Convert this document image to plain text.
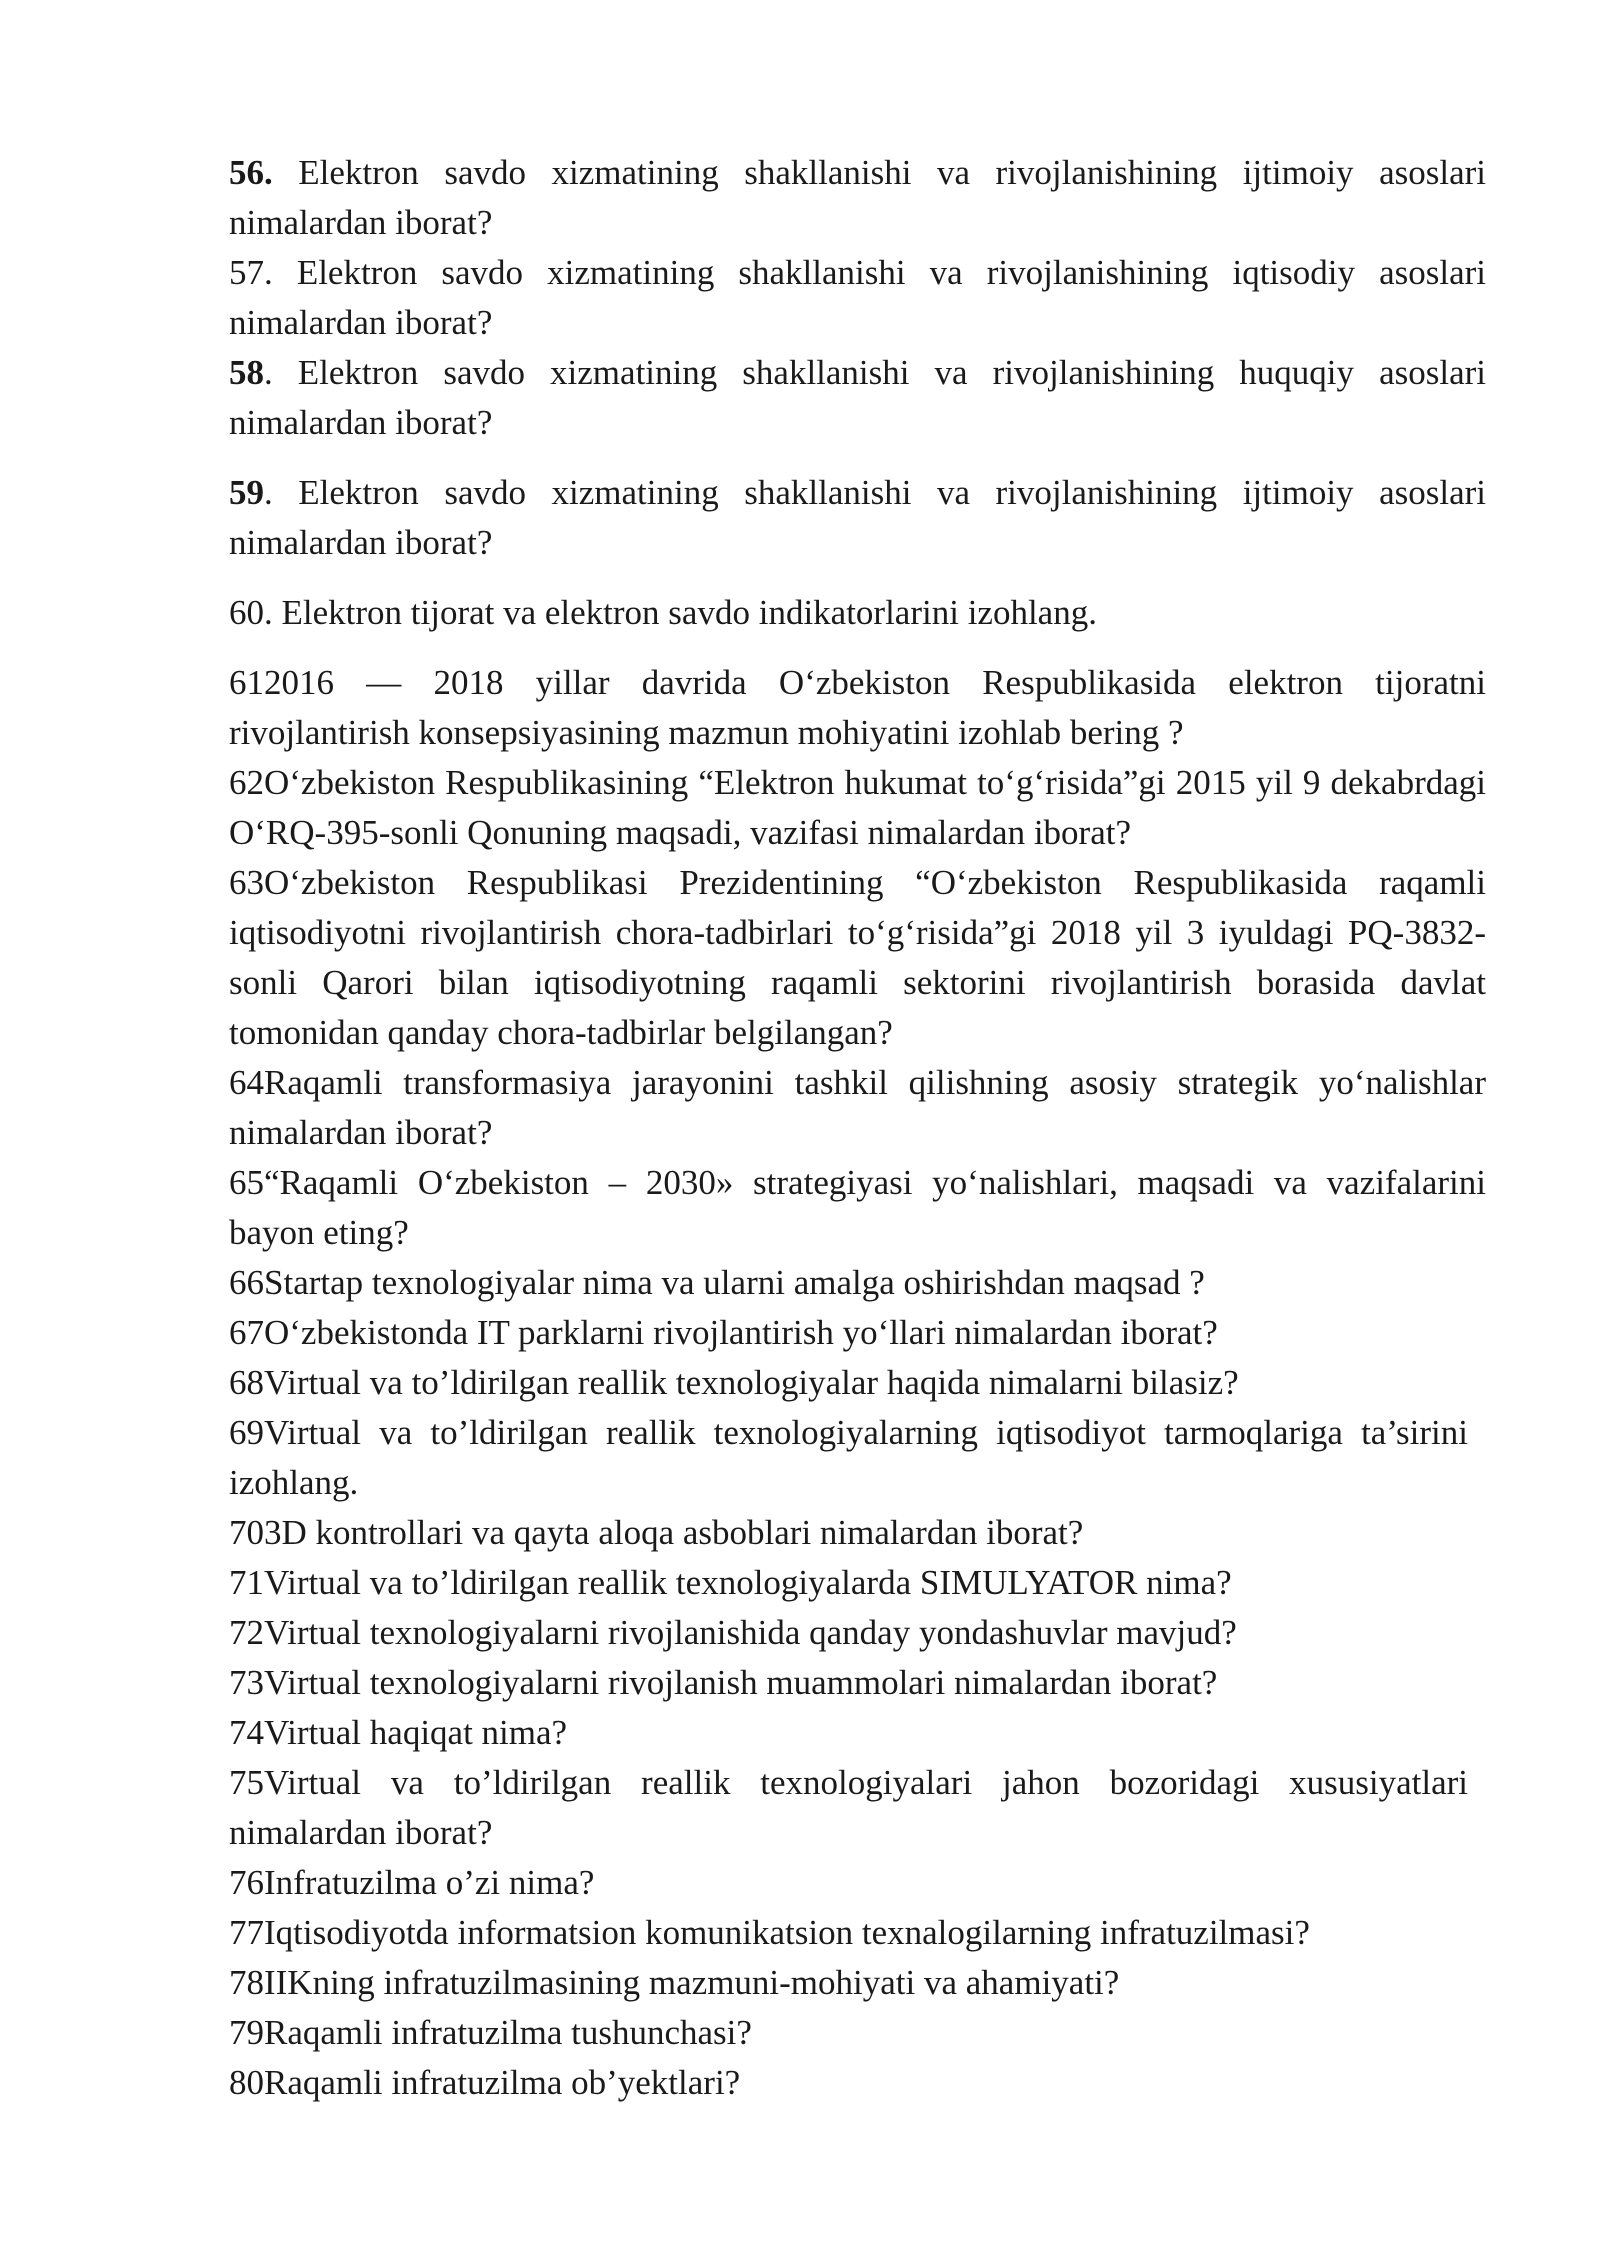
56. Elektron savdo xizmatining shakllanishi va rivojlanishining ijtimoiy asoslari nimalardan iborat?

57. Elektron savdo xizmatining shakllanishi va rivojlanishining iqtisodiy asoslari nimalardan iborat?

58. Elektron savdo xizmatining shakllanishi va rivojlanishining huquqiy asoslari nimalardan iborat?

59. Elektron savdo xizmatining shakllanishi va rivojlanishining ijtimoiy asoslari nimalardan iborat?

60. Elektron tijorat va elektron savdo indikatorlarini izohlang.

612016 — 2018 yillar davrida O‘zbekiston Respublikasida elektron tijoratni rivojlantirish konsepsiyasining mazmun mohiyatini izohlab bering ?

62O‘zbekiston Respublikasining “Elektron hukumat to‘g‘risida”gi 2015 yil 9 dekabrdagi O‘RQ-395-sonli Qonuning maqsadi, vazifasi nimalardan iborat?

63O‘zbekiston Respublikasi Prezidentining “O‘zbekiston Respublikasida raqamli iqtisodiyotni rivojlantirish chora-tadbirlari to‘g‘risida”gi 2018 yil 3 iyuldagi PQ-3832-sonli Qarori bilan iqtisodiyotning raqamli sektorini rivojlantirish borasida davlat tomonidan qanday chora-tadbirlar belgilangan?

64Raqamli transformasiya jarayonini tashkil qilishning asosiy strategik yo‘nalishlar nimalardan iborat?

65“Raqamli O‘zbekiston – 2030» strategiyasi yo‘nalishlari, maqsadi va vazifalarini bayon eting?

66Startap texnologiyalar nima va ularni amalga oshirishdan maqsad ?

67O‘zbekistonda IT parklarni rivojlantirish yo‘llari nimalardan iborat?

68Virtual va to’ldirilgan reallik texnologiyalar haqida nimalarni bilasiz?

69Virtual va to’ldirilgan reallik texnologiyalarning iqtisodiyot tarmoqlariga ta’sirini izohlang.

703D kontrollari va qayta aloqa asboblari nimalardan iborat?

71Virtual va to’ldirilgan reallik texnologiyalarda SIMULYATOR nima?

72Virtual texnologiyalarni rivojlanishida qanday yondashuvlar mavjud?

73Virtual texnologiyalarni rivojlanish muammolari nimalardan iborat?

74Virtual haqiqat nima?

75Virtual va to’ldirilgan reallik texnologiyalari jahon bozoridagi xususiyatlari nimalardan iborat?

76Infratuzilma o’zi nima?

77Iqtisodiyotda informatsion komunikatsion texnalogilarning infratuzilmasi?

78IIKning infratuzilmasining mazmuni-mohiyati va ahamiyati?

79Raqamli infratuzilma tushunchasi?

80Raqamli infratuzilma ob’yektlari?
